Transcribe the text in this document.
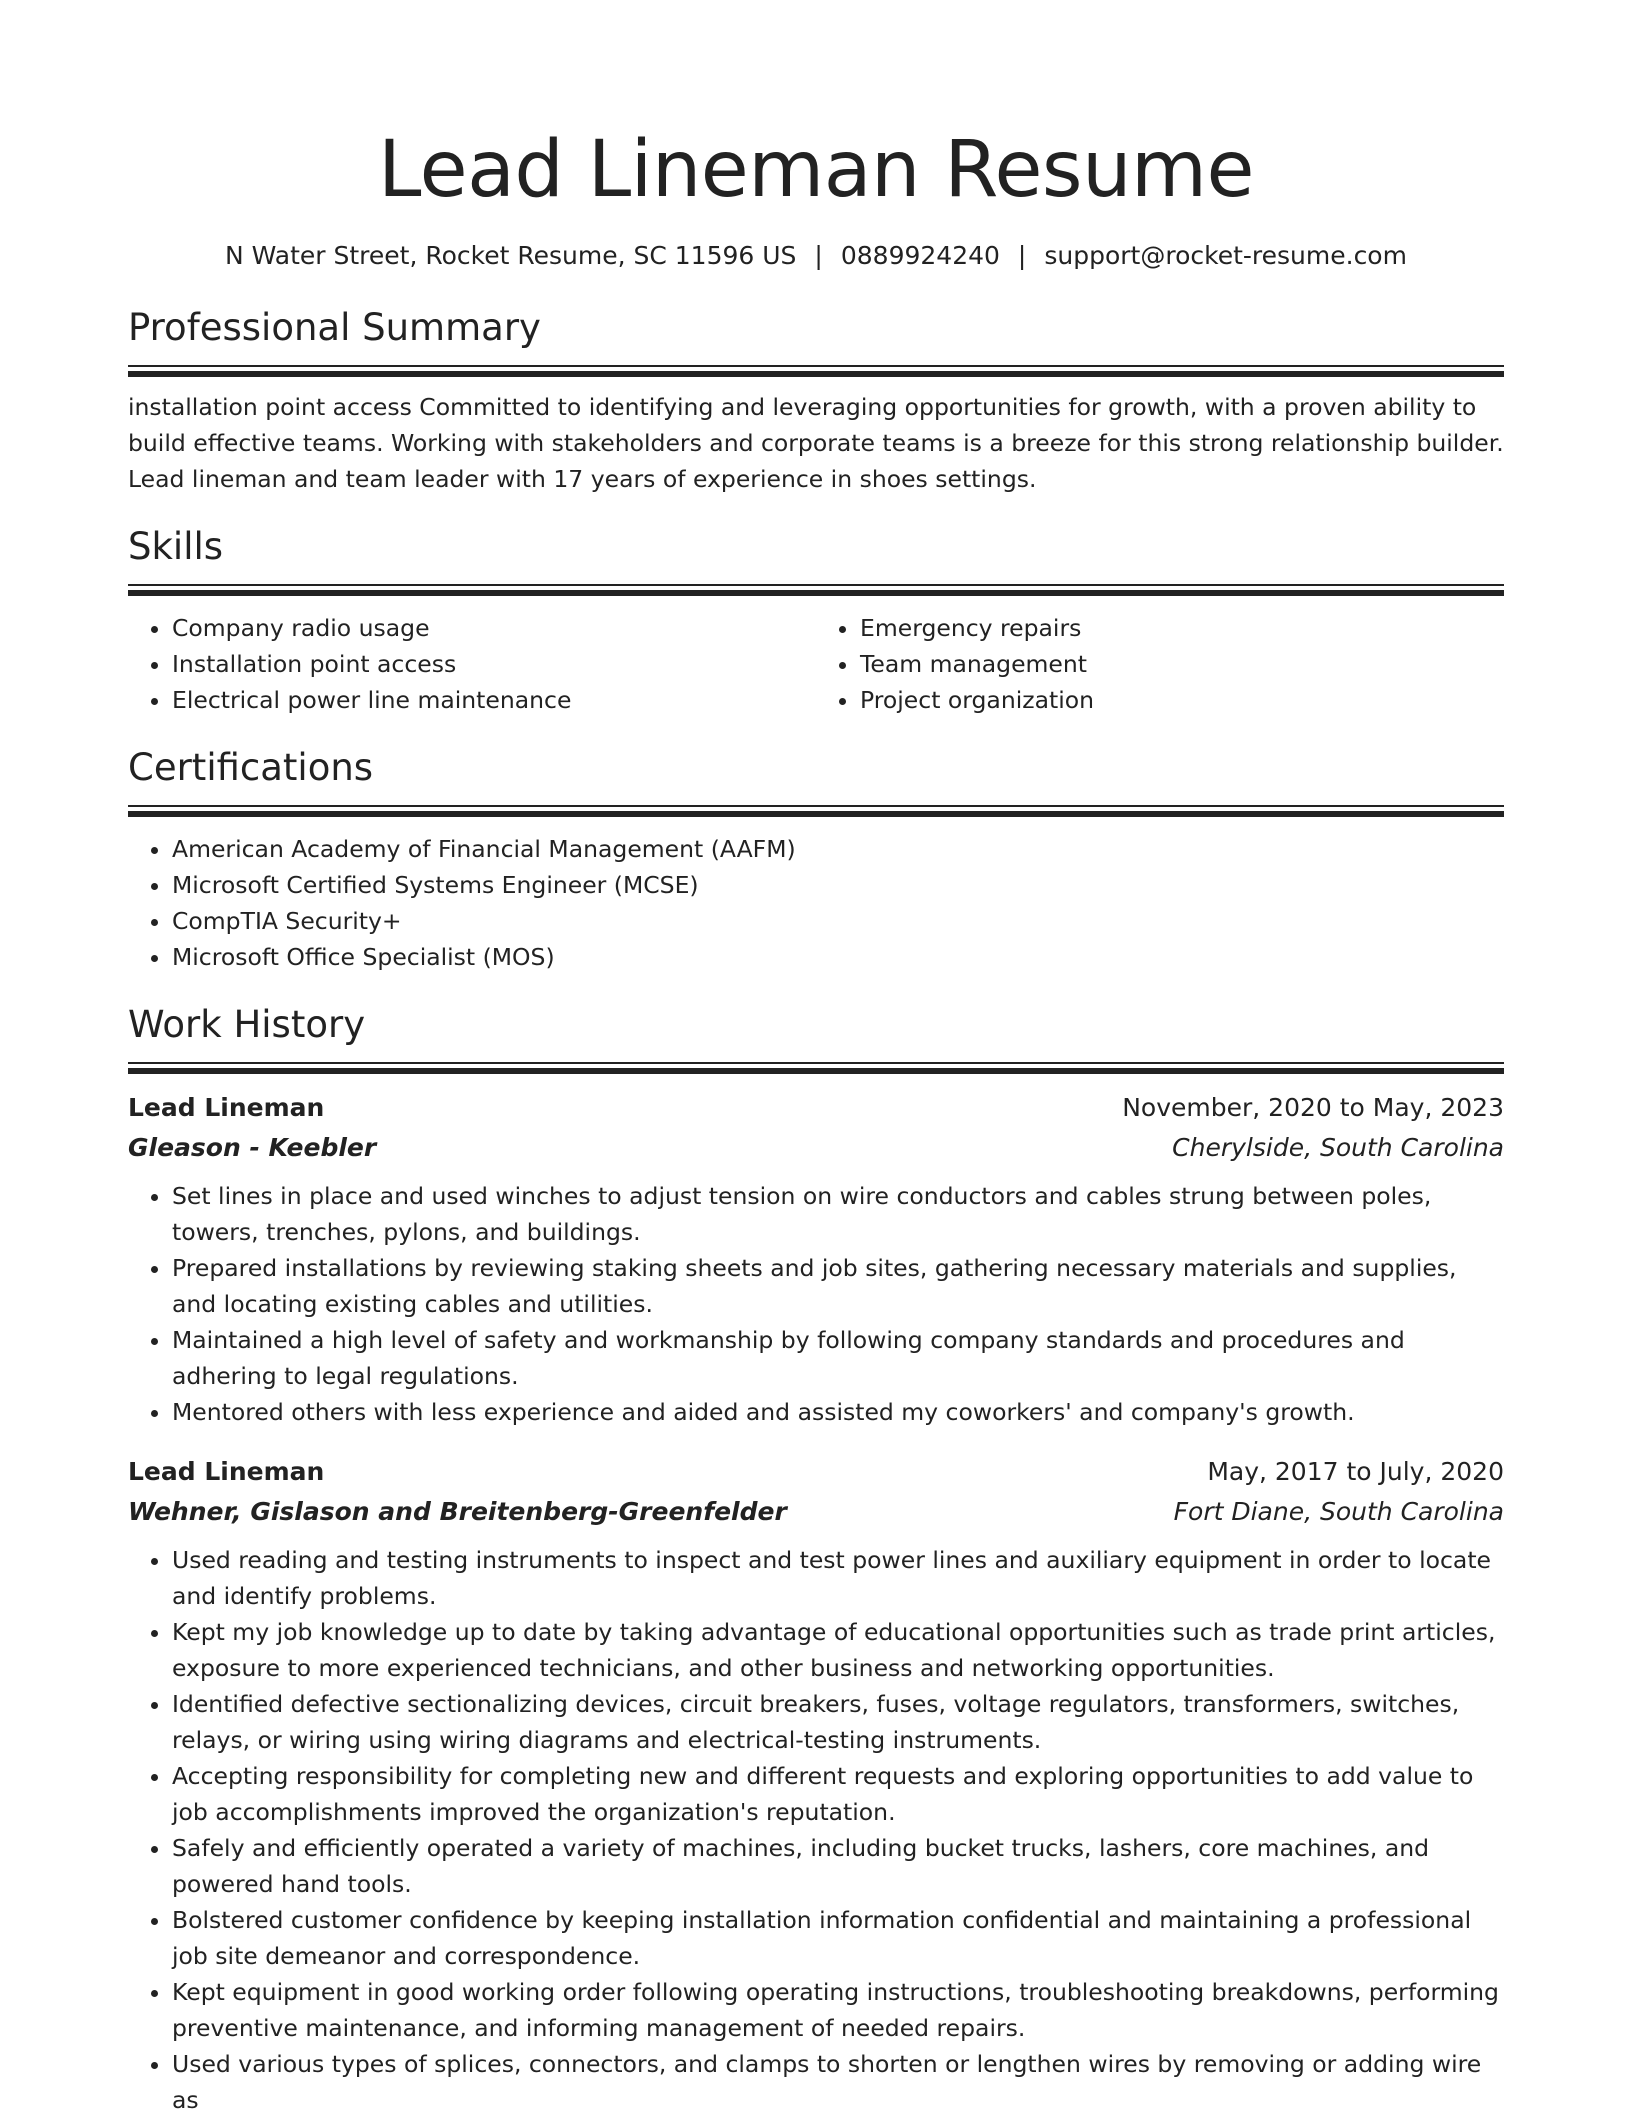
Lead Lineman Resume
N Water Street, Rocket Resume, SC 11596 US | 0889924240 | support@rocket-resume.com
Professional Summary

installation point access Committed to identifying and leveraging opportunities for growth, with a proven ability to build effective teams. Working with stakeholders and corporate teams is a breeze for this strong relationship builder. Lead lineman and team leader with 17 years of experience in shoes settings.

Skills
• Company radio usage
• Installation point access
• Electrical power line maintenance
• Emergency repairs
• Team management
• Project organization
Certifications
• American Academy of Financial Management (AAFM)
• Microsoft Certified Systems Engineer (MCSE)
• CompTIA Security+
• Microsoft Office Specialist (MOS)
Work History
Lead Lineman	November, 2020 to May, 2023
Gleason - Keebler	Cherylside, South Carolina
• Set lines in place and used winches to adjust tension on wire conductors and cables strung between poles, towers, trenches, pylons, and buildings.
• Prepared installations by reviewing staking sheets and job sites, gathering necessary materials and supplies, and locating existing cables and utilities.
• Maintained a high level of safety and workmanship by following company standards and procedures and adhering to legal regulations.
• Mentored others with less experience and aided and assisted my coworkers' and company's growth.
Lead Lineman	May, 2017 to July, 2020
Wehner, Gislason and Breitenberg-Greenfelder	Fort Diane, South Carolina
• Used reading and testing instruments to inspect and test power lines and auxiliary equipment in order to locate and identify problems.
• Kept my job knowledge up to date by taking advantage of educational opportunities such as trade print articles, exposure to more experienced technicians, and other business and networking opportunities.
• Identified defective sectionalizing devices, circuit breakers, fuses, voltage regulators, transformers, switches, relays, or wiring using wiring diagrams and electrical-testing instruments.
• Accepting responsibility for completing new and different requests and exploring opportunities to add value to job accomplishments improved the organization's reputation.
• Safely and efficiently operated a variety of machines, including bucket trucks, lashers, core machines, and powered hand tools.
• Bolstered customer confidence by keeping installation information confidential and maintaining a professional job site demeanor and correspondence.
• Kept equipment in good working order following operating instructions, troubleshooting breakdowns, performing preventive maintenance, and informing management of needed repairs.
• Used various types of splices, connectors, and clamps to shorten or lengthen wires by removing or adding wire as
